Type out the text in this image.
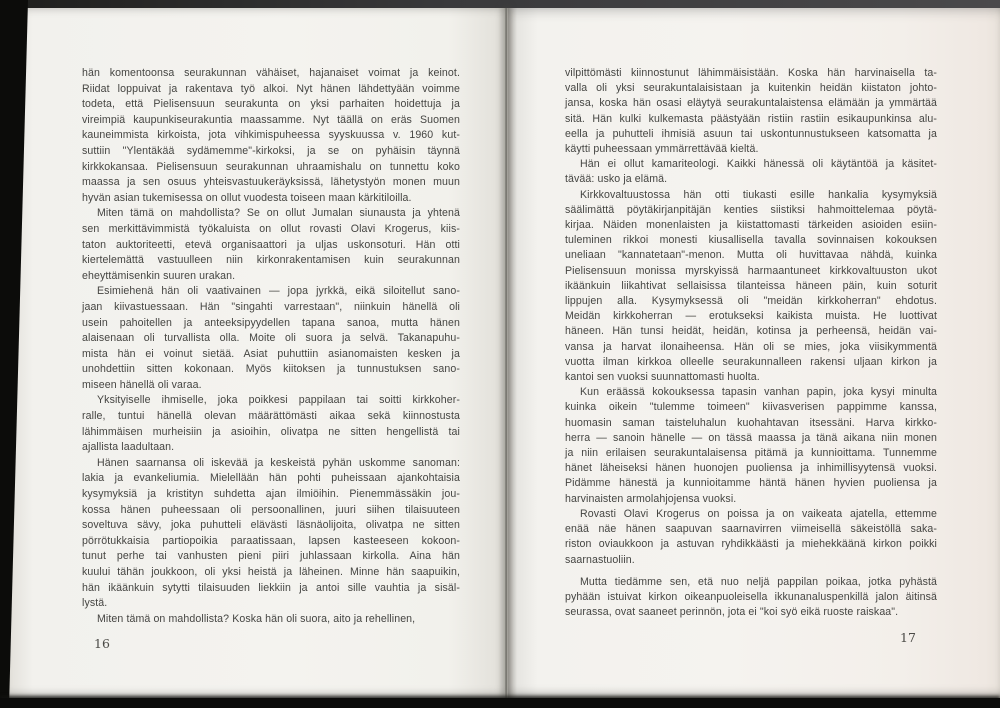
hän komentoonsa seurakunnan vähäiset, hajanaiset voimat ja keinot.
Riidat loppuivat ja rakentava työ alkoi. Nyt hänen lähdettyään voimme
todeta, että Pielisensuun seurakunta on yksi parhaiten hoidettuja ja
vireimpiä kaupunkiseurakuntia maassamme. Nyt täällä on eräs Suomen
kauneimmista kirkoista, jota vihkimispuheessa syyskuussa v. 1960 kut-
suttiin "Ylentäkää sydämemme"-kirkoksi, ja se on pyhäisin täynnä
kirkkokansaa. Pielisensuun seurakunnan uhraamishalu on tunnettu koko
maassa ja sen osuus yhteisvastuukeräyksissä, lähetystyön monen muun
hyvän asian tukemisessa on ollut vuodesta toiseen maan kärkitiloilla.
Miten tämä on mahdollista? Se on ollut Jumalan siunausta ja yhtenä
sen merkittävimmistä työkaluista on ollut rovasti Olavi Krogerus, kiis-
taton auktoriteetti, etevä organisaattori ja uljas uskonsoturi. Hän otti
kiertelemättä vastuulleen niin kirkonrakentamisen kuin seurakunnan
eheyttämisenkin suuren urakan.
Esimiehenä hän oli vaativainen — jopa jyrkkä, eikä siloitellut sano-
jaan kiivastuessaan. Hän "singahti varrestaan", niinkuin hänellä oli
usein pahoitellen ja anteeksipyydellen tapana sanoa, mutta hänen
alaisenaan oli turvallista olla. Moite oli suora ja selvä. Takanapuhu-
mista hän ei voinut sietää. Asiat puhuttiin asianomaisten kesken ja
unohdettiin sitten kokonaan. Myös kiitoksen ja tunnustuksen sano-
miseen hänellä oli varaa.
Yksityiselle ihmiselle, joka poikkesi pappilaan tai soitti kirkkoher-
ralle, tuntui hänellä olevan määrättömästi aikaa sekä kiinnostusta
lähimmäisen murheisiin ja asioihin, olivatpa ne sitten hengellistä tai
ajallista laadultaan.
Hänen saarnansa oli iskevää ja keskeistä pyhän uskomme sanoman:
lakia ja evankeliumia. Mielellään hän pohti puheissaan ajankohtaisia
kysymyksiä ja kristityn suhdetta ajan ilmiöihin. Pienemmässäkin jou-
kossa hänen puheessaan oli persoonallinen, juuri siihen tilaisuuteen
soveltuva sävy, joka puhutteli elävästi läsnäolijoita, olivatpa ne sitten
pörrötukkaisia partiopoikia paraatissaan, lapsen kasteeseen kokoon-
tunut perhe tai vanhusten pieni piiri juhlassaan kirkolla. Aina hän
kuului tähän joukkoon, oli yksi heistä ja läheinen. Minne hän saapuikin,
hän ikäänkuin sytytti tilaisuuden liekkiin ja antoi sille vauhtia ja sisäl-
lystä.
Miten tämä on mahdollista? Koska hän oli suora, aito ja rehellinen,
16
vilpittömästi kiinnostunut lähimmäisistään. Koska hän harvinaisella ta-
valla oli yksi seurakuntalaisistaan ja kuitenkin heidän kiistaton johto-
jansa, koska hän osasi eläytyä seurakuntalaistensa elämään ja ymmärtää
sitä. Hän kulki kulkemasta päästyään ristiin rastiin esikaupunkinsa alu-
eella ja puhutteli ihmisiä asuun tai uskontunnustukseen katsomatta ja
käytti puheessaan ymmärrettävää kieltä.
Hän ei ollut kamariteologi. Kaikki hänessä oli käytäntöä ja käsitet-
tävää: usko ja elämä.
Kirkkovaltuustossa hän otti tiukasti esille hankalia kysymyksiä
säälimättä pöytäkirjanpitäjän kenties siistiksi hahmoittelemaa pöytä-
kirjaa. Näiden monenlaisten ja kiistattomasti tärkeiden asioiden esiin-
tuleminen rikkoi monesti kiusallisella tavalla sovinnaisen kokouksen
uneliaan "kannatetaan"-menon. Mutta oli huvittavaa nähdä, kuinka
Pielisensuun monissa myrskyissä harmaantuneet kirkkovaltuuston ukot
ikäänkuin liikahtivat sellaisissa tilanteissa häneen päin, kuin soturit
lippujen alla. Kysymyksessä oli "meidän kirkkoherran" ehdotus.
Meidän kirkkoherran — erotukseksi kaikista muista. He luottivat
häneen. Hän tunsi heidät, heidän, kotinsa ja perheensä, heidän vai-
vansa ja harvat ilonaiheensa. Hän oli se mies, joka viisikymmentä
vuotta ilman kirkkoa olleelle seurakunnalleen rakensi uljaan kirkon ja
kantoi sen vuoksi suunnattomasti huolta.
Kun eräässä kokouksessa tapasin vanhan papin, joka kysyi minulta
kuinka oikein "tulemme toimeen" kiivasverisen pappimme kanssa,
huomasin saman taisteluhalun kuohahtavan itsessäni. Harva kirkko-
herra — sanoin hänelle — on tässä maassa ja tänä aikana niin monen
ja niin erilaisen seurakuntalaisensa pitämä ja kunnioittama. Tunnemme
hänet läheiseksi hänen huonojen puoliensa ja inhimillisyytensä vuoksi.
Pidämme hänestä ja kunnioitamme häntä hänen hyvien puoliensa ja
harvinaisten armolahjojensa vuoksi.
Rovasti Olavi Krogerus on poissa ja on vaikeata ajatella, ettemme
enää näe hänen saapuvan saarnavirren viimeisellä säkeistöllä saka-
riston oviaukkoon ja astuvan ryhdikkäästi ja miehekkäänä kirkon poikki
saarnastuoliin.
Mutta tiedämme sen, etä nuo neljä pappilan poikaa, jotka pyhästä
pyhään istuivat kirkon oikeanpuoleisella ikkunanaluspenkillä jalon äitinsä
seurassa, ovat saaneet perinnön, jota ei "koi syö eikä ruoste raiskaa".
17
